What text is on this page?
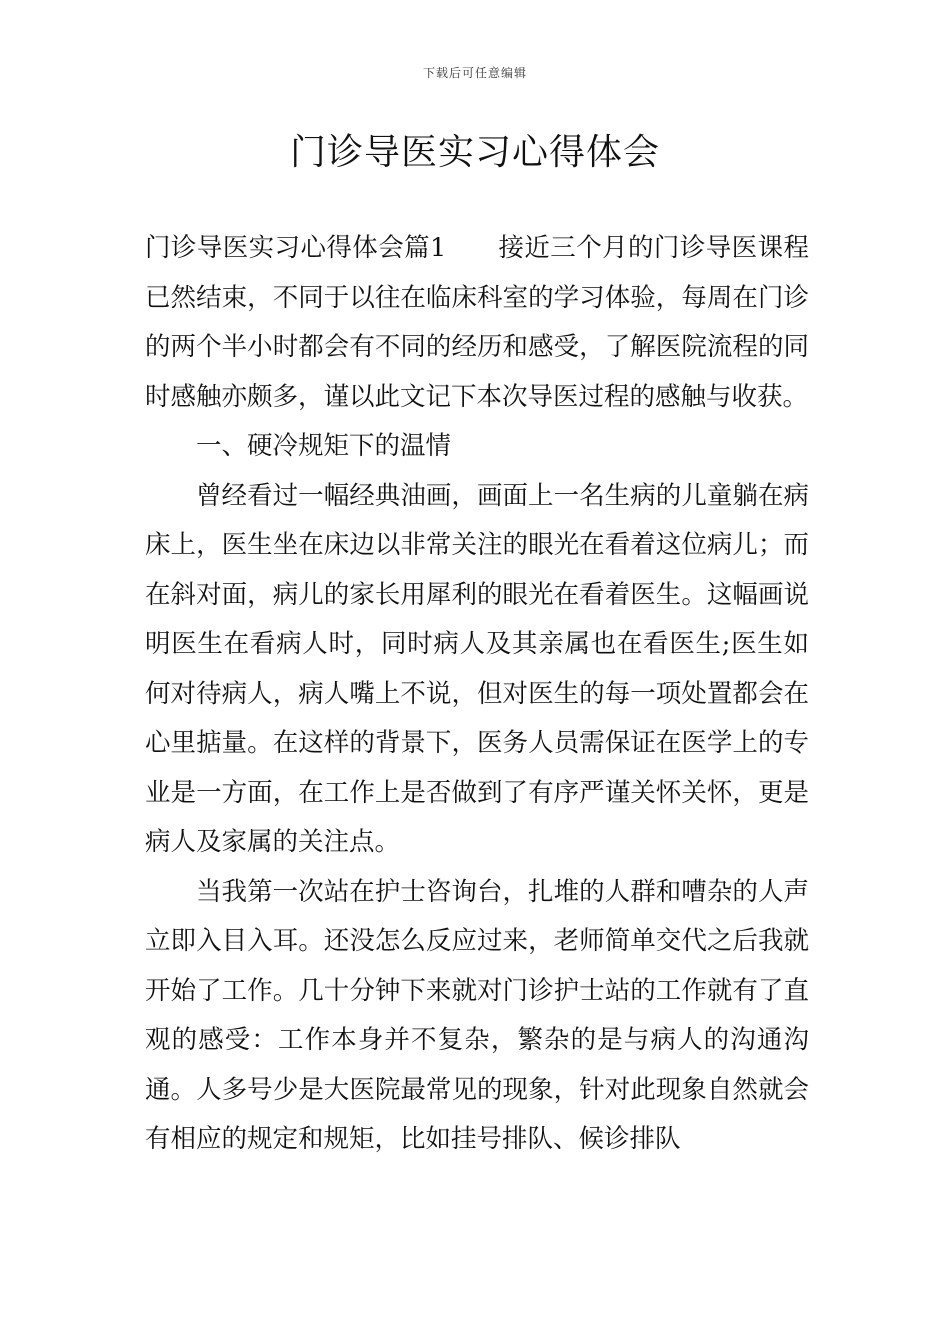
下载后可任意编辑
门诊导医实习心得体会

门诊导医实习心得体会篇1　　接近三个月的门诊导医课程已然结束，不同于以往在临床科室的学习体验，每周在门诊的两个半小时都会有不同的经历和感受，了解医院流程的同时感触亦颇多，谨以此文记下本次导医过程的感触与收获。

一、硬冷规矩下的温情

曾经看过一幅经典油画，画面上一名生病的儿童躺在病床上，医生坐在床边以非常关注的眼光在看着这位病儿；而在斜对面，病儿的家长用犀利的眼光在看着医生。这幅画说明医生在看病人时，同时病人及其亲属也在看医生;医生如何对待病人，病人嘴上不说，但对医生的每一项处置都会在心里掂量。在这样的背景下，医务人员需保证在医学上的专业是一方面，在工作上是否做到了有序严谨关怀关怀，更是病人及家属的关注点。

当我第一次站在护士咨询台，扎堆的人群和嘈杂的人声立即入目入耳。还没怎么反应过来，老师简单交代之后我就开始了工作。几十分钟下来就对门诊护士站的工作就有了直观的感受：工作本身并不复杂，繁杂的是与病人的沟通沟通。人多号少是大医院最常见的现象，针对此现象自然就会有相应的规定和规矩，比如挂号排队、候诊排队
